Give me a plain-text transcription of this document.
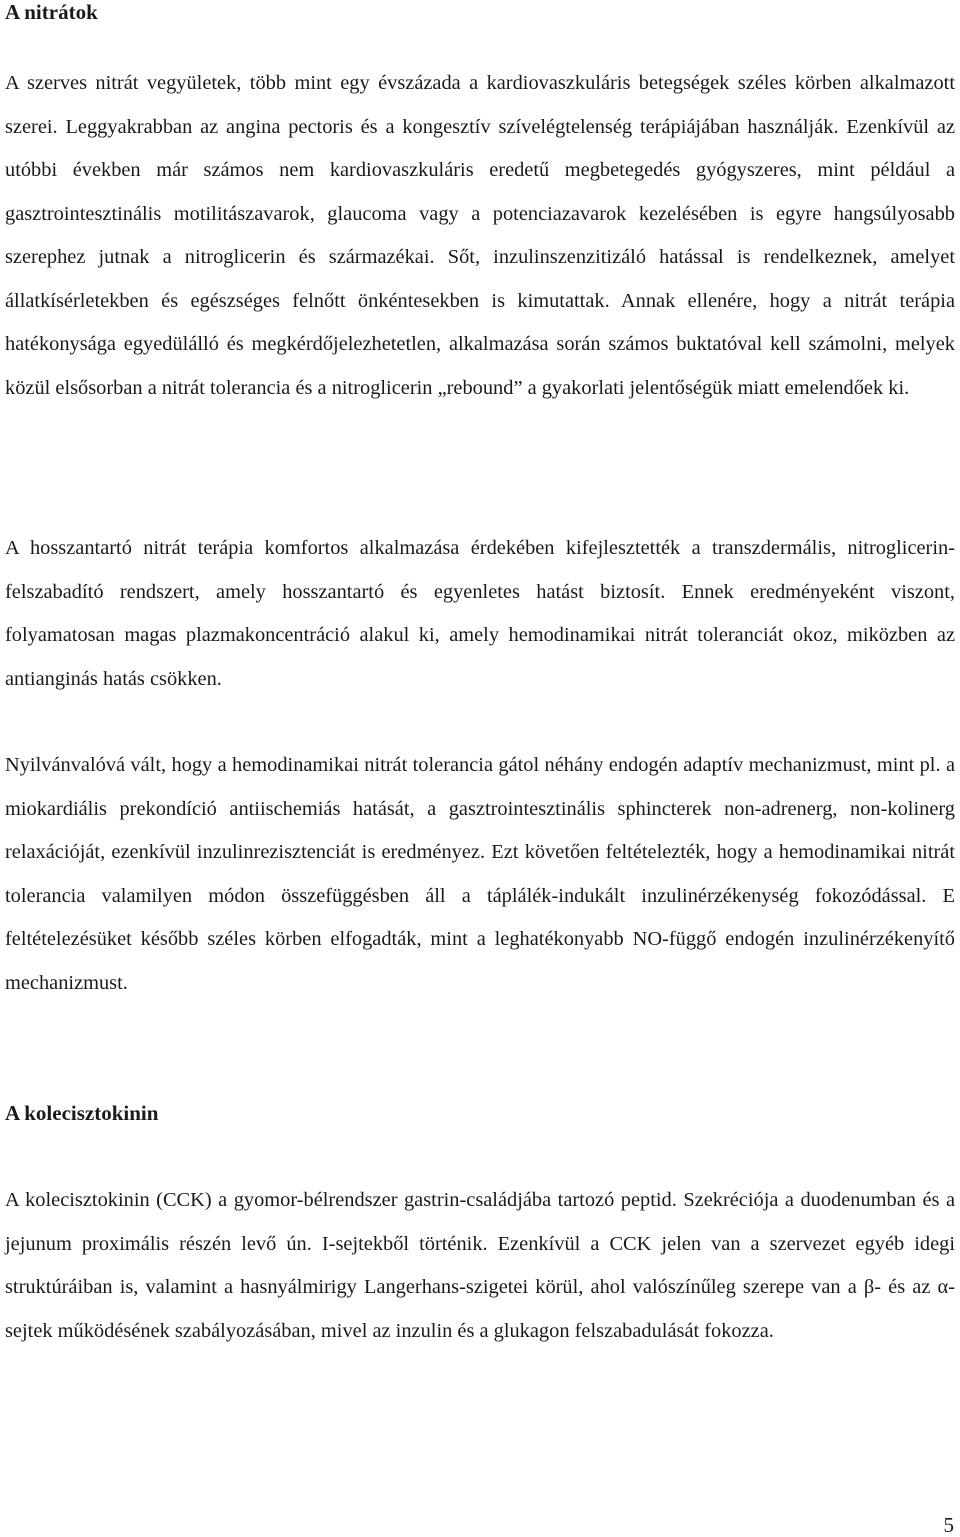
A nitrátok

A szerves nitrát vegyületek, több mint egy évszázada a kardiovaszkuláris betegségek széles körben alkalmazott szerei. Leggyakrabban az angina pectoris és a kongesztív szívelégtelenség terápiájában használják. Ezenkívül az utóbbi években már számos nem kardiovaszkuláris eredetű megbetegedés gyógyszeres, mint például a gasztrointesztinális motilitászavarok, glaucoma vagy a potenciazavarok kezelésében is egyre hangsúlyosabb szerephez jutnak a nitroglicerin és származékai. Sőt, inzulinszenzitizáló hatással is rendelkeznek, amelyet állatkísérletekben és egészséges felnőtt önkéntesekben is kimutattak. Annak ellenére, hogy a nitrát terápia hatékonysága egyedülálló és megkérdőjelezhetetlen, alkalmazása során számos buktatóval kell számolni, melyek közül elsősorban a nitrát tolerancia és a nitroglicerin „rebound” a gyakorlati jelentőségük miatt emelendőek ki.

A hosszantartó nitrát terápia komfortos alkalmazása érdekében kifejlesztették a transzdermális, nitroglicerin-felszabadító rendszert, amely hosszantartó és egyenletes hatást biztosít. Ennek eredményeként viszont, folyamatosan magas plazmakoncentráció alakul ki, amely hemodinamikai nitrát toleranciát okoz, miközben az antianginás hatás csökken.

Nyilvánvalóvá vált, hogy a hemodinamikai nitrát tolerancia gátol néhány endogén adaptív mechanizmust, mint pl. a miokardiális prekondíció antiischemiás hatását, a gasztrointesztinális sphincterek non-adrenerg, non-kolinerg relaxációját, ezenkívül inzulinrezisztenciát is eredményez. Ezt követően feltételezték, hogy a hemodinamikai nitrát tolerancia valamilyen módon összefüggésben áll a táplálék-indukált inzulinérzékenység fokozódással. E feltételezésüket később széles körben elfogadták, mint a leghatékonyabb NO-függő endogén inzulinérzékenyítő mechanizmust.

A kolecisztokinin

A kolecisztokinin (CCK) a gyomor-bélrendszer gastrin-családjába tartozó peptid. Szekréciója a duodenumban és a jejunum proximális részén levő ún. I-sejtekből történik. Ezenkívül a CCK jelen van a szervezet egyéb idegi struktúráiban is, valamint a hasnyálmirigy Langerhans-szigetei körül, ahol valószínűleg szerepe van a β- és az α-sejtek működésének szabályozásában, mivel az inzulin és a glukagon felszabadulását fokozza.

5
